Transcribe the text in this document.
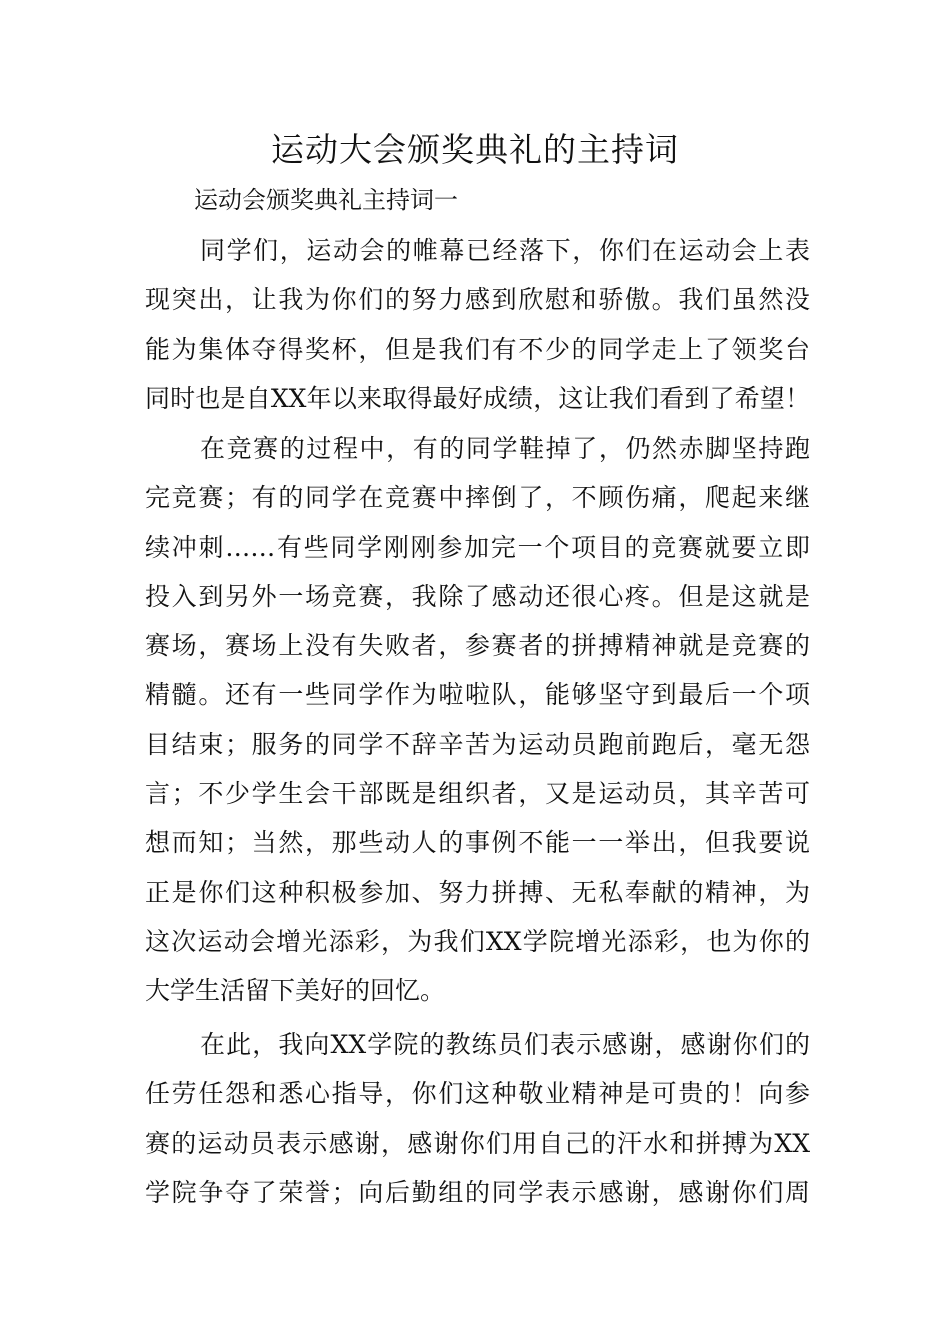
运动大会颁奖典礼的主持词

运动会颁奖典礼主持词一

同学们，运动会的帷幕已经落下，你们在运动会上表
现突出，让我为你们的努力感到欣慰和骄傲。我们虽然没
能为集体夺得奖杯，但是我们有不少的同学走上了领奖台
同时也是自XX年以来取得最好成绩，这让我们看到了希望！
在竞赛的过程中，有的同学鞋掉了，仍然赤脚坚持跑
完竞赛；有的同学在竞赛中摔倒了，不顾伤痛，爬起来继
续冲刺……有些同学刚刚参加完一个项目的竞赛就要立即
投入到另外一场竞赛，我除了感动还很心疼。但是这就是
赛场，赛场上没有失败者，参赛者的拼搏精神就是竞赛的
精髓。还有一些同学作为啦啦队，能够坚守到最后一个项
目结束；服务的同学不辞辛苦为运动员跑前跑后，毫无怨
言；不少学生会干部既是组织者，又是运动员，其辛苦可
想而知；当然，那些动人的事例不能一一举出，但我要说
正是你们这种积极参加、努力拼搏、无私奉献的精神，为
这次运动会增光添彩，为我们XX学院增光添彩，也为你的
大学生活留下美好的回忆。
在此，我向XX学院的教练员们表示感谢，感谢你们的
任劳任怨和悉心指导，你们这种敬业精神是可贵的！向参
赛的运动员表示感谢，感谢你们用自己的汗水和拼搏为XX
学院争夺了荣誉；向后勤组的同学表示感谢，感谢你们周
